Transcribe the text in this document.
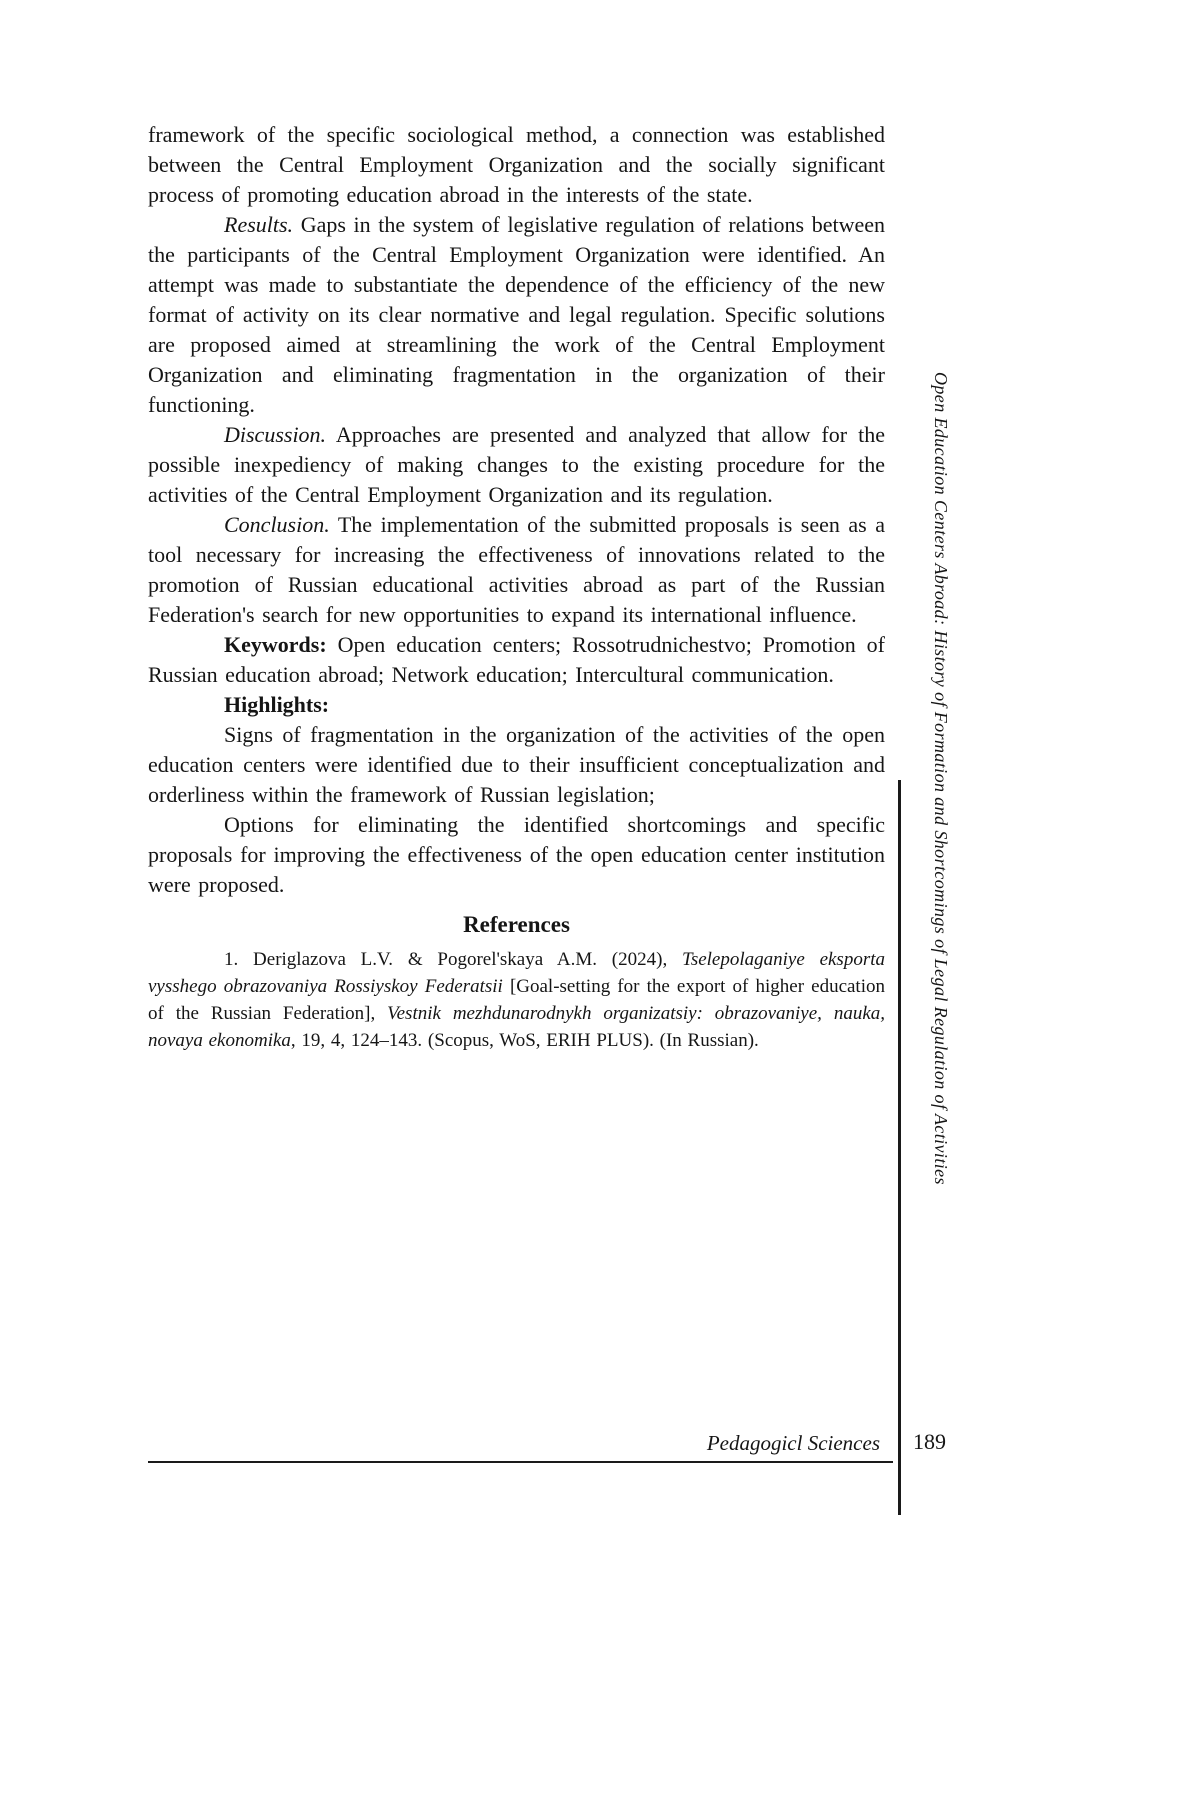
framework of the specific sociological method, a connection was established between the Central Employment Organization and the socially significant process of promoting education abroad in the interests of the state.

Results. Gaps in the system of legislative regulation of relations between the participants of the Central Employment Organization were identified. An attempt was made to substantiate the dependence of the efficiency of the new format of activity on its clear normative and legal regulation. Specific solutions are proposed aimed at streamlining the work of the Central Employment Organization and eliminating fragmentation in the organization of their functioning.

Discussion. Approaches are presented and analyzed that allow for the possible inexpediency of making changes to the existing procedure for the activities of the Central Employment Organization and its regulation.

Conclusion. The implementation of the submitted proposals is seen as a tool necessary for increasing the effectiveness of innovations related to the promotion of Russian educational activities abroad as part of the Russian Federation's search for new opportunities to expand its international influence.

Keywords: Open education centers; Rossotrudnichestvo; Promotion of Russian education abroad; Network education; Intercultural communication.

Highlights:

Signs of fragmentation in the organization of the activities of the open education centers were identified due to their insufficient conceptualization and orderliness within the framework of Russian legislation;

Options for eliminating the identified shortcomings and specific proposals for improving the effectiveness of the open education center institution were proposed.

References

1. Deriglazova L.V. & Pogorel'skaya A.M. (2024), Tselepolaganiye eksporta vysshego obrazovaniya Rossiyskoy Federatsii [Goal-setting for the export of higher education of the Russian Federation], Vestnik mezhdunarodnykh organizatsiy: obrazovaniye, nauka, novaya ekonomika, 19, 4, 124–143. (Scopus, WoS, ERIH PLUS). (In Russian).	Open Education Centers Abroad: History of Formation and Shortcomings of Legal Regulation of Activities
Pedagogicl Sciences 189
